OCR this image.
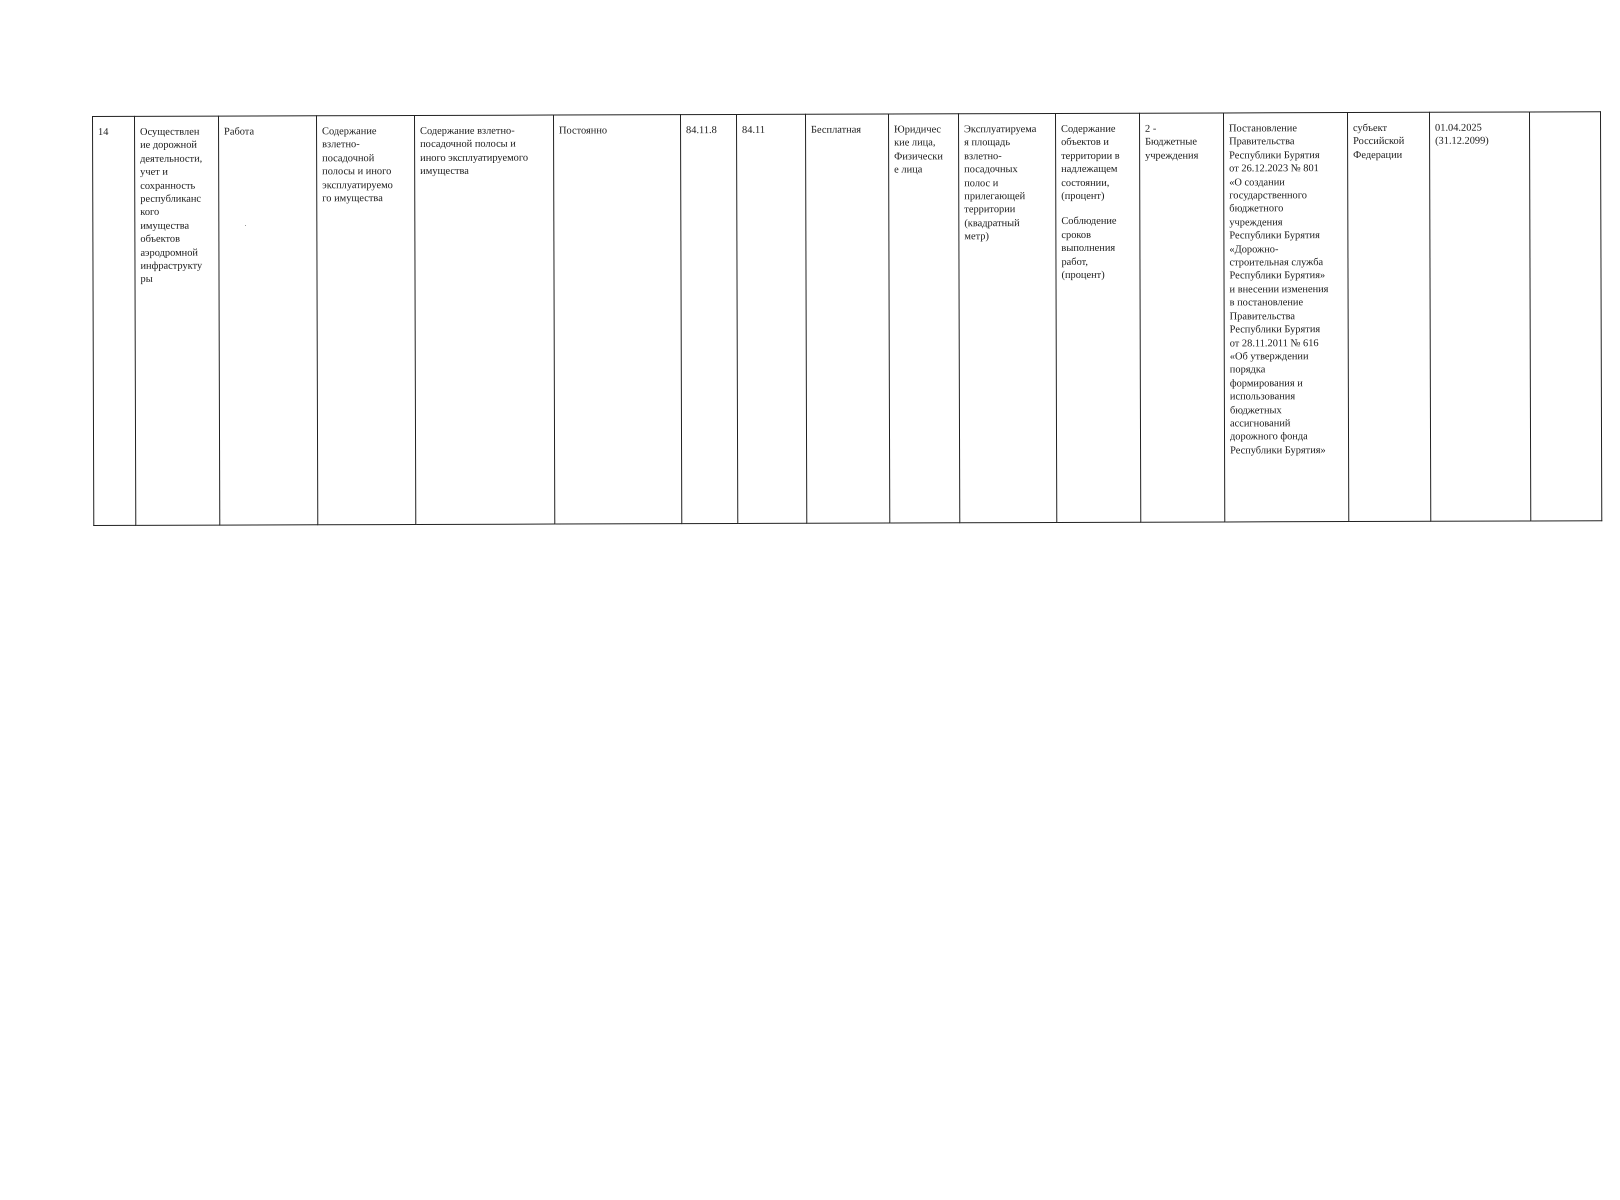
14	Осуществлен
ие дорожной
деятельности,
учет и
сохранность
республиканс
кого
имущества
объектов
аэродромной
инфраструкту
ры	Работа	Содержание
взлетно-
посадочной
полосы и иного
эксплуатируемо
го имущества	Содержание взлетно-
посадочной полосы и
иного эксплуатируемого
имущества	Постоянно	84.11.8	84.11	Бесплатная	Юридичес
кие лица,
Физически
е лица	Эксплуатируема
я площадь
взлетно-
посадочных
полос и
прилегающей
территории
(квадратный
метр)	Содержание
объектов и
территории в
надлежащем
состоянии,
(процент)
Соблюдение
сроков
выполнения
работ,
(процент)
	2 -
Бюджетные
учреждения	Постановление
Правительства
Республики Бурятия
от 26.12.2023 № 801
«О создании
государственного
бюджетного
учреждения
Республики Бурятия
«Дорожно-
строительная служба
Республики Бурятия»
и внесении изменения
в постановление
Правительства
Республики Бурятия
от 28.11.2011 № 616
«Об утверждении
порядка
формирования и
использования
бюджетных
ассигнований
дорожного фонда
Республики Бурятия»	субъект
Российской
Федерации	01.04.2025
(31.12.2099)	
